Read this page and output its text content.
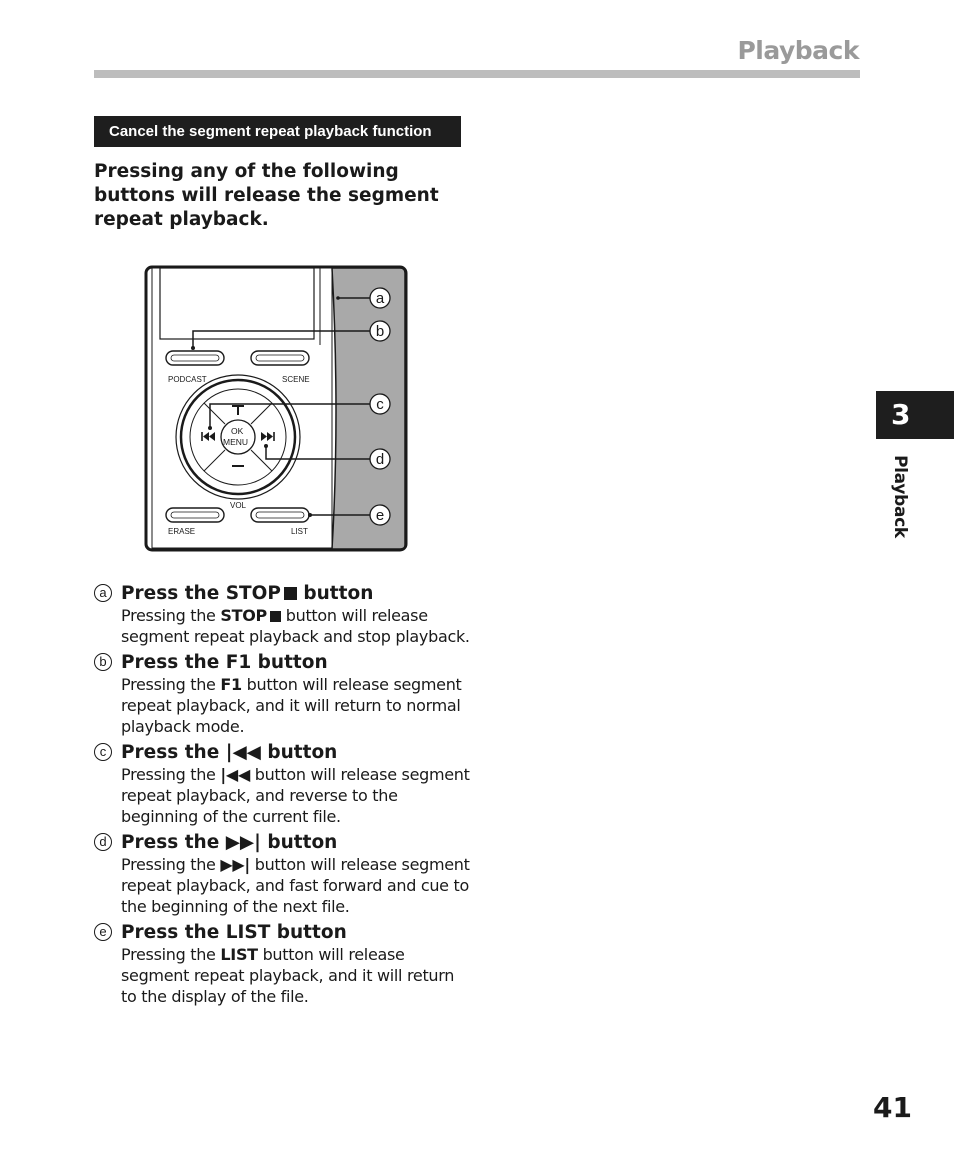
Playback
Cancel the segment repeat playback function
Pressing any of the following buttons will release the segment repeat playback.
PODCAST	SCENE
OK
MENU
VOL
ERASE	LIST
a
b
c
d
e
a Press the STOP button
Pressing the STOP button will release segment repeat playback and stop playback.
b Press the F1 button
Pressing the F1 button will release segment repeat playback, and it will return to normal playback mode.
c Press the |◀◀ button
Pressing the |◀◀ button will release segment repeat playback, and reverse to the beginning of the current file.
d Press the ▶▶| button
Pressing the ▶▶| button will release segment repeat playback, and fast forward and cue to the beginning of the next file.
e Press the LIST button
Pressing the LIST button will release segment repeat playback, and it will return to the display of the file.
3
Playback
41
